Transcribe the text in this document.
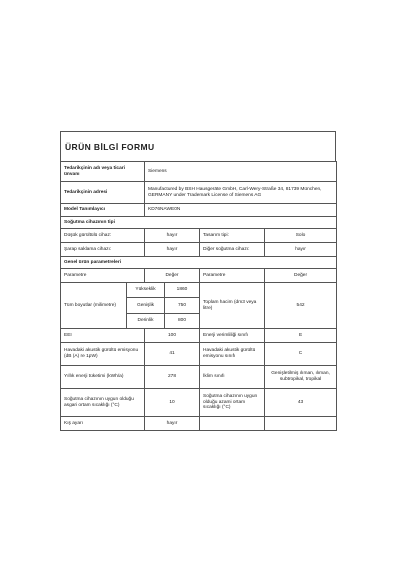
ÜRÜN BİLGİ FORMU
Tedarikçinin adı veya ticari ünvanı		Siemens			
Tedarikçinin adresi		Manufactured by BSH Hausgeräte GmbH, Carl-Wery-Straße 34, 81739 München, GERMANY under Trademark License of Siemens AG			
Model Tanımlayıcı		KD76NAWE0N			
Soğutma cihazının tipi					
Düşük gürültülü cihaz:		hayır		Tasarım tipi:	Solo
Şarap saklama cihazı:		hayır		Diğer soğutma cihazı:	hayır
Genel ürün parametreleri					
Parametre		Değer		Parametre	Değer
Tüm boyutlar (milimetre)	Yükseklik		1860	Toplam hacim (dm3 veya litre)	542
	Genişlik		750		
	Derinlik		800		
EEI		100		Enerji verimliliği sınıfı	E
Havadaki akustik gürültü emisyonu (dB (A) re 1pW)		41		Havadaki akustik gürültü emisyonu sınıfı	C
Yıllık enerji tüketimi (kWh/a)		278		İklim sınıfı	Genişletilmiş ılıman, ılıman, subtropikal, tropikal
Soğutma cihazının uygun olduğu asgari ortam sıcaklığı (°C)		10		Soğutma cihazının uygun olduğu azami ortam sıcaklığı (°C)	43
Kış ayarı		hayır			
